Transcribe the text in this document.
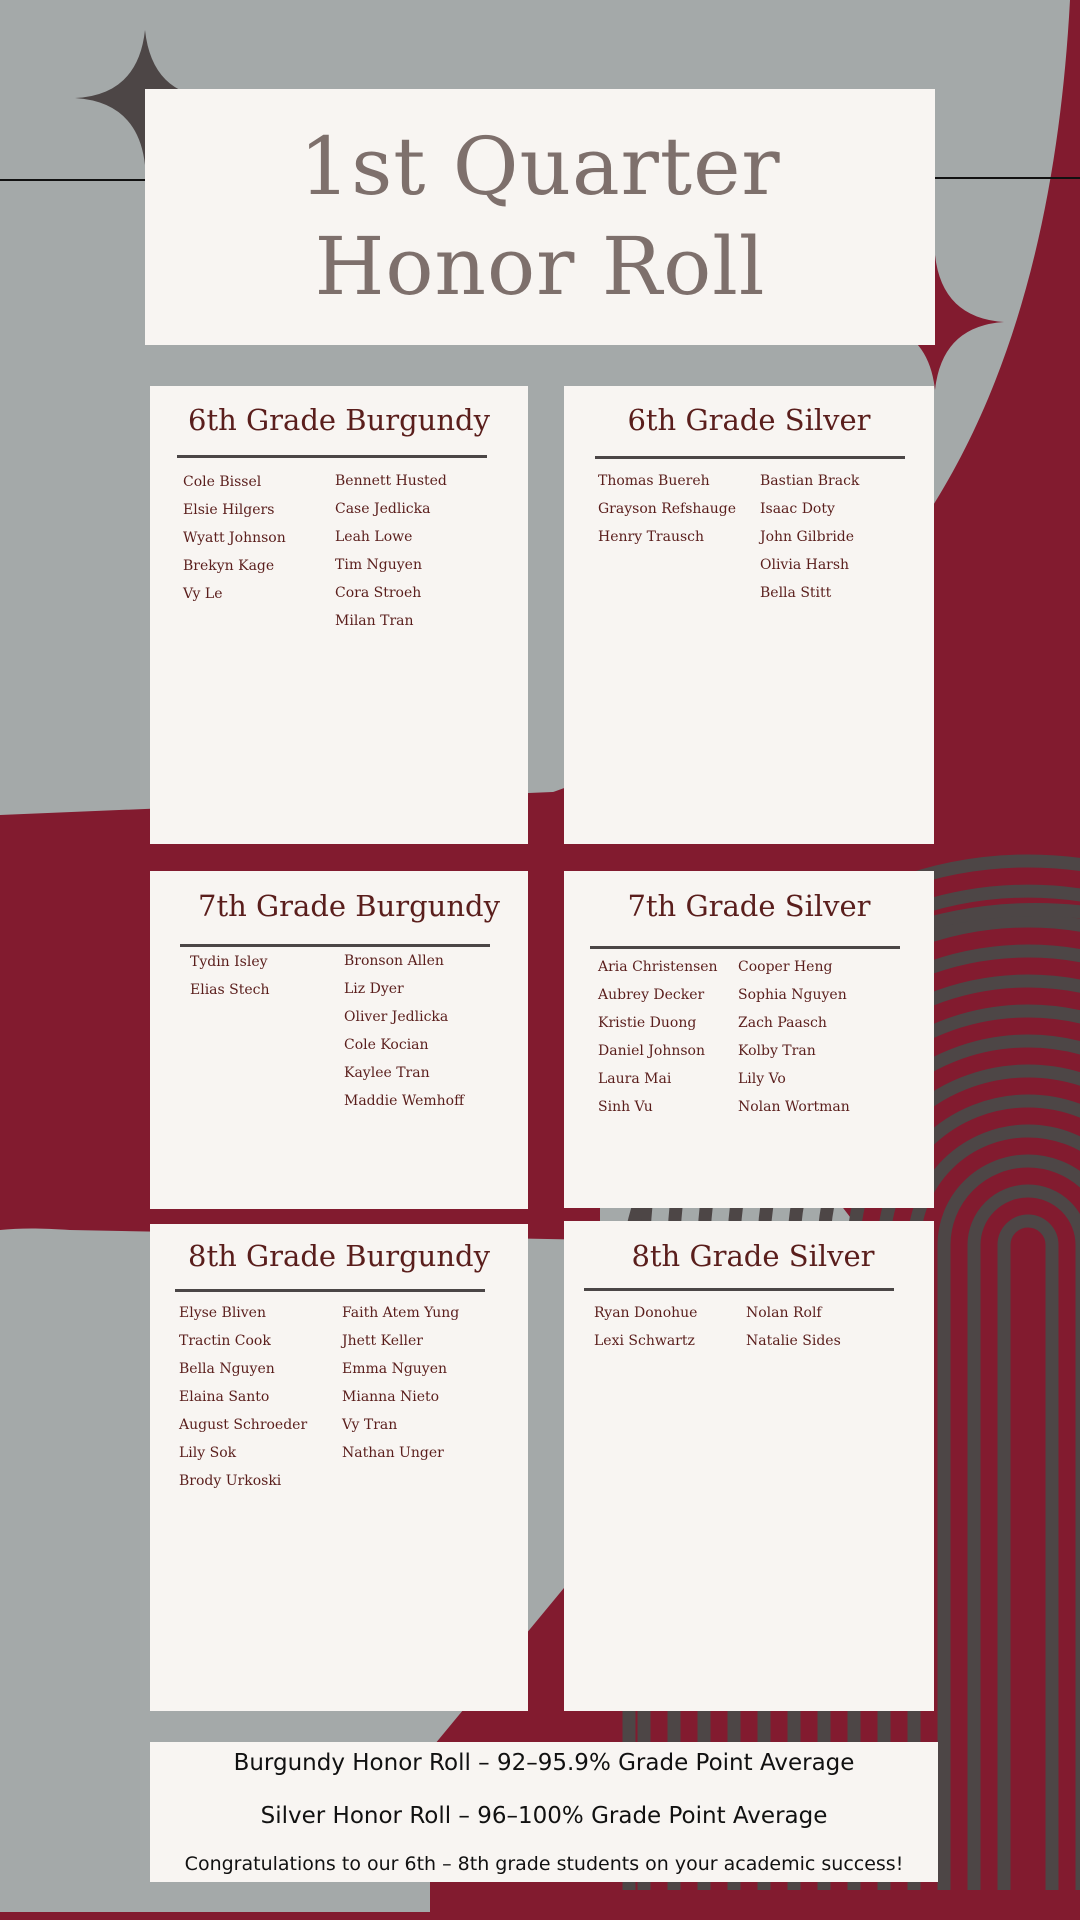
1st Quarter
Honor Roll
6th Grade Burgundy
Cole Bissel
Elsie Hilgers
Wyatt Johnson
Brekyn Kage
Vy Le
Bennett Husted
Case Jedlicka
Leah Lowe
Tim Nguyen
Cora Stroeh
Milan Tran
6th Grade Silver
Thomas Buereh
Grayson Refshauge
Henry Trausch
Bastian Brack
Isaac Doty
John Gilbride
Olivia Harsh
Bella Stitt
7th Grade Burgundy
Tydin Isley
Elias Stech
Bronson Allen
Liz Dyer
Oliver Jedlicka
Cole Kocian
Kaylee Tran
Maddie Wemhoff
7th Grade Silver
Aria Christensen
Aubrey Decker
Kristie Duong
Daniel Johnson
Laura Mai
Sinh Vu
Cooper Heng
Sophia Nguyen
Zach Paasch
Kolby Tran
Lily Vo
Nolan Wortman
8th Grade Burgundy
Elyse Bliven
Tractin Cook
Bella Nguyen
Elaina Santo
August Schroeder
Lily Sok
Brody Urkoski
Faith Atem Yung
Jhett Keller
Emma Nguyen
Mianna Nieto
Vy Tran
Nathan Unger
8th Grade Silver
Ryan Donohue
Lexi Schwartz
Nolan Rolf
Natalie Sides
Burgundy Honor Roll – 92–95.9% Grade Point Average
Silver Honor Roll – 96–100% Grade Point Average
Congratulations to our 6th – 8th grade students on your academic success!
